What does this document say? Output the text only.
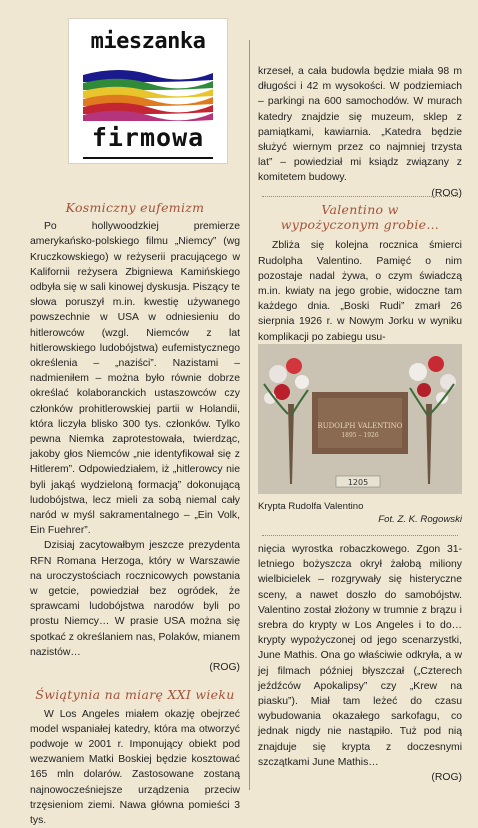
mieszanka
firmowa
Kosmiczny eufemizm

Po hollywoodzkiej premierze amerykańsko-polskiego filmu „Niemcy” (wg Kruczkowskiego) w reżyserii pracującego w Kalifornii reżysera Zbigniewa Kamińskiego odbyła się w sali kinowej dyskusja. Piszący te słowa poruszył m.in. kwestię używanego powszechnie w USA w odniesieniu do hitlerowców (wzgl. Niemców z lat hitlerowskiego ludobójstwa) eufemistycznego określenia – „naziści”. Nazistami – nadmieniłem – można było równie dobrze określać kolaboranckich ustaszowców czy członków prohitlerowskiej partii w Holandii, która liczyła blisko 300 tys. członków. Tylko pewna Niemka zaprotestowała, twierdząc, jakoby głos Niemców „nie identyfikował się z Hitlerem”. Odpowiedziałem, iż „hitlerowcy nie byli jakąś wydzieloną formacją” dokonującą ludobójstwa, lecz mieli za sobą niemal cały naród w myśl sakramentalnego – „Ein Volk, Ein Fuehrer”.

Dzisiaj zacytowałbym jeszcze prezydenta RFN Romana Herzoga, który w Warszawie na uroczystościach rocznicowych powstania w getcie, powiedział bez ogródek, że sprawcami ludobójstwa narodów byli po prostu Niemcy… W prasie USA można się spotkać z określaniem nas, Polaków, mianem nazistów…

(ROG)
Świątynia na miarę XXI wieku

W Los Angeles miałem okazję obejrzeć model wspaniałej katedry, która ma otworzyć podwoje w 2001 r. Imponujący obiekt pod wezwaniem Matki Boskiej będzie kosztować 165 mln dolarów. Zastosowane zostaną najnowocześniejsze urządzenia przeciw trzęsieniom ziemi. Nawa główna pomieści 3 tys.

krzeseł, a cała budowla będzie miała 98 m długości i 42 m wysokości. W podziemiach – parkingi na 600 samochodów. W murach katedry znajdzie się muzeum, sklep z pamiątkami, kawiarnia. „Katedra będzie służyć wiernym przez co najmniej trzysta lat” – powiedział mi ksiądz związany z komitetem budowy.

(ROG)
Valentino w wypożyczonym grobie…

Zbliża się kolejna rocznica śmierci Rudolpha Valentino. Pamięć o nim pozostaje nadal żywa, o czym świadczą m.in. kwiaty na jego grobie, widoczne tam każdego dnia. „Boski Rudi” zmarł 26 sierpnia 1926 r. w Nowym Jorku w wyniku komplikacji po zabiegu usu-

RUDOLPH VALENTINO
1895 – 1926
1205
Krypta Rudolfa Valentino
Fot. Z. K. Rogowski

nięcia wyrostka robaczkowego. Zgon 31-letniego bożyszcza okrył żałobą miliony wielbicielek – rozgrywały się histeryczne sceny, a nawet doszło do samobójstw. Valentino został złożony w trumnie z brązu i srebra do krypty w Los Angeles i to do… krypty wypożyczonej od jego scenarzystki, June Mathis. Ona go właściwie odkryła, a w jej filmach później błyszczał („Czterech jeźdźców Apokalipsy” czy „Krew na piasku”). Miał tam leżeć do czasu wybudowania okazałego sarkofagu, co jednak nigdy nie nastąpiło. Tuż pod nią znajduje się krypta z doczesnymi szczątkami June Mathis…

(ROG)
